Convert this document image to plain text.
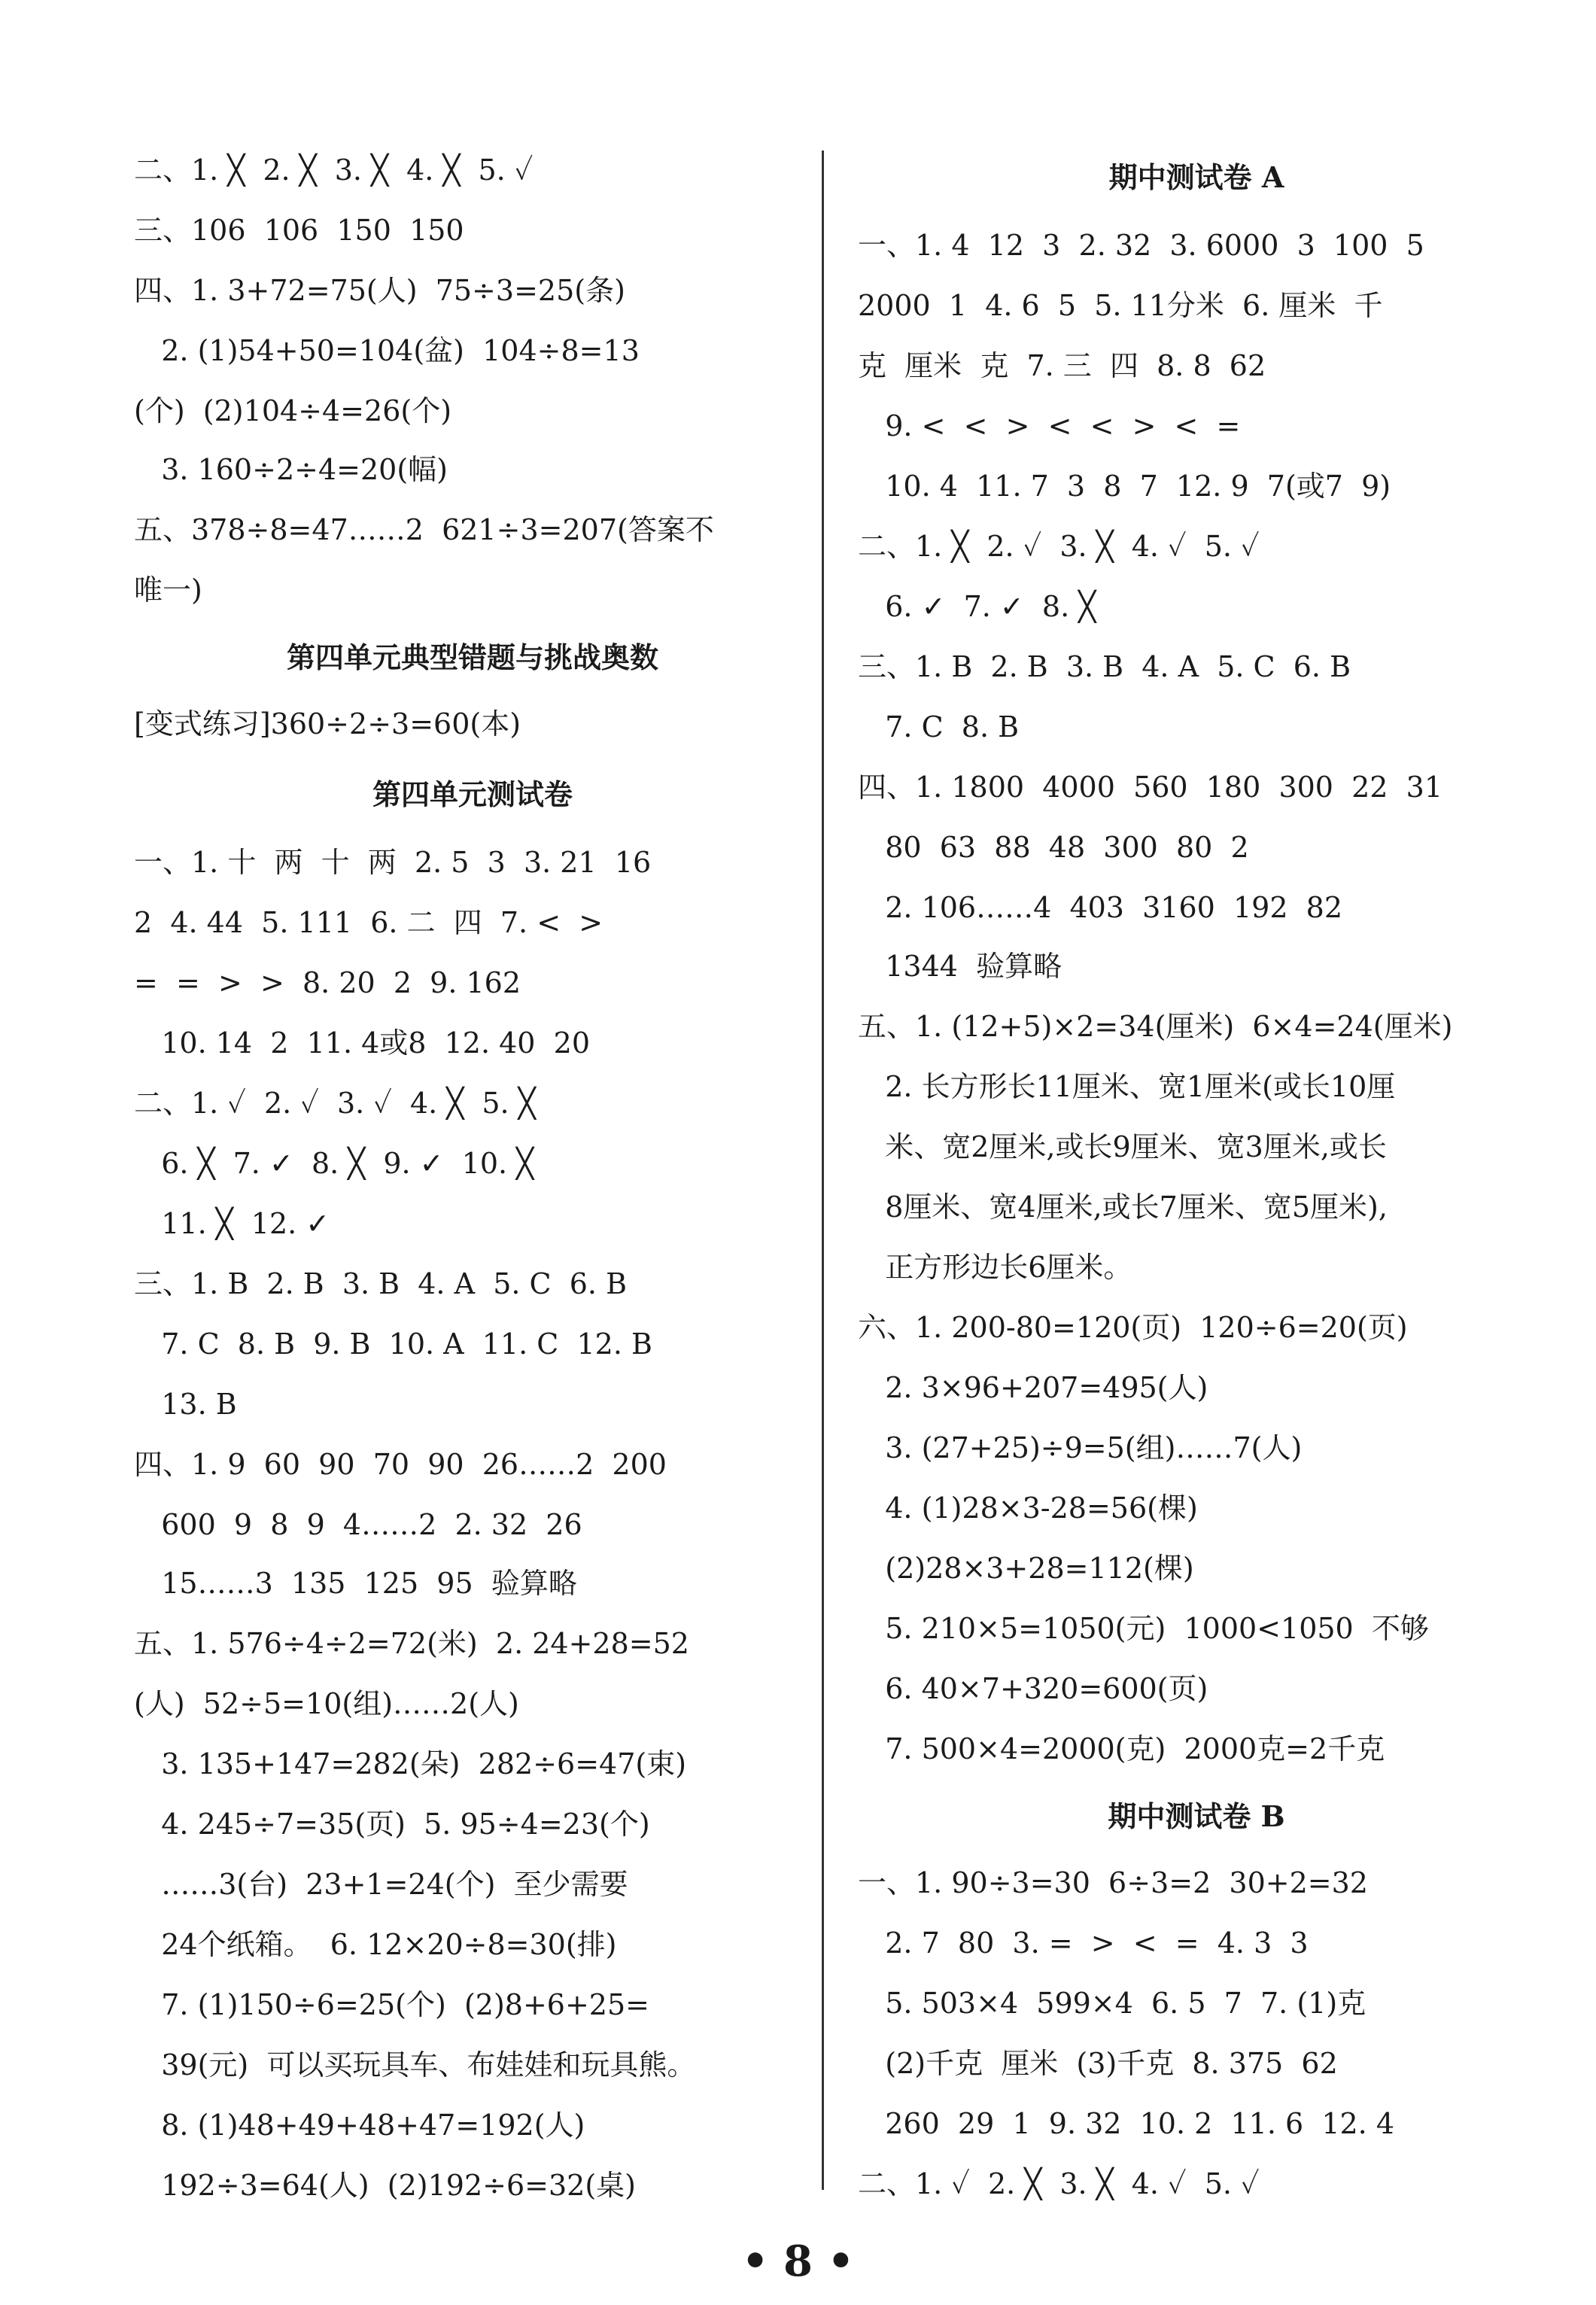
二、1. ╳  2. ╳  3. ╳  4. ╳  5. ✓
三、106  106  150  150
四、1. 3+72=75(人)  75÷3=25(条)
2. (1)54+50=104(盆)  104÷8=13
(个)  (2)104÷4=26(个)
3. 160÷2÷4=20(幅)
五、378÷8=47……2  621÷3=207(答案不
唯一)
第四单元典型错题与挑战奥数
[变式练习]360÷2÷3=60(本)
第四单元测试卷
一、1. 十  两  十  两  2. 5  3  3. 21  16
2  4. 44  5. 111  6. 二  四  7. <  >
=  =  >  >  8. 20  2  9. 162
10. 14  2  11. 4或8  12. 40  20
二、1. ✓  2. ✓  3. ✓  4. ╳  5. ╳
6. ╳  7. ✓  8. ╳  9. ✓  10. ╳
11. ╳  12. ✓
三、1. B  2. B  3. B  4. A  5. C  6. B
7. C  8. B  9. B  10. A  11. C  12. B
13. B
四、1. 9  60  90  70  90  26……2  200
600  9  8  9  4……2  2. 32  26
15……3  135  125  95  验算略
五、1. 576÷4÷2=72(米)  2. 24+28=52
(人)  52÷5=10(组)……2(人)
3. 135+147=282(朵)  282÷6=47(束)
4. 245÷7=35(页)  5. 95÷4=23(个)
……3(台)  23+1=24(个)  至少需要
24个纸箱。  6. 12×20÷8=30(排)
7. (1)150÷6=25(个)  (2)8+6+25=
39(元)  可以买玩具车、布娃娃和玩具熊。
8. (1)48+49+48+47=192(人)
192÷3=64(人)  (2)192÷6=32(桌)
期中测试卷 A
一、1. 4  12  3  2. 32  3. 6000  3  100  5
2000  1  4. 6  5  5. 11分米  6. 厘米  千
克  厘米  克  7. 三  四  8. 8  62
9. <  <  >  <  <  >  <  =
10. 4  11. 7  3  8  7  12. 9  7(或7  9)
二、1. ╳  2. ✓  3. ╳  4. ✓  5. ✓
6. ✓  7. ✓  8. ╳
三、1. B  2. B  3. B  4. A  5. C  6. B
7. C  8. B
四、1. 1800  4000  560  180  300  22  31
80  63  88  48  300  80  2
2. 106……4  403  3160  192  82
1344  验算略
五、1. (12+5)×2=34(厘米)  6×4=24(厘米)
2. 长方形长11厘米、宽1厘米(或长10厘
米、宽2厘米,或长9厘米、宽3厘米,或长
8厘米、宽4厘米,或长7厘米、宽5厘米),
正方形边长6厘米。
六、1. 200-80=120(页)  120÷6=20(页)
2. 3×96+207=495(人)
3. (27+25)÷9=5(组)……7(人)
4. (1)28×3-28=56(棵)
(2)28×3+28=112(棵)
5. 210×5=1050(元)  1000<1050  不够
6. 40×7+320=600(页)
7. 500×4=2000(克)  2000克=2千克
期中测试卷 B
一、1. 90÷3=30  6÷3=2  30+2=32
2. 7  80  3. =  >  <  =  4. 3  3
5. 503×4  599×4  6. 5  7  7. (1)克
(2)千克  厘米  (3)千克  8. 375  62
260  29  1  9. 32  10. 2  11. 6  12. 4
二、1. ✓  2. ╳  3. ╳  4. ✓  5. ✓
• 8 •
